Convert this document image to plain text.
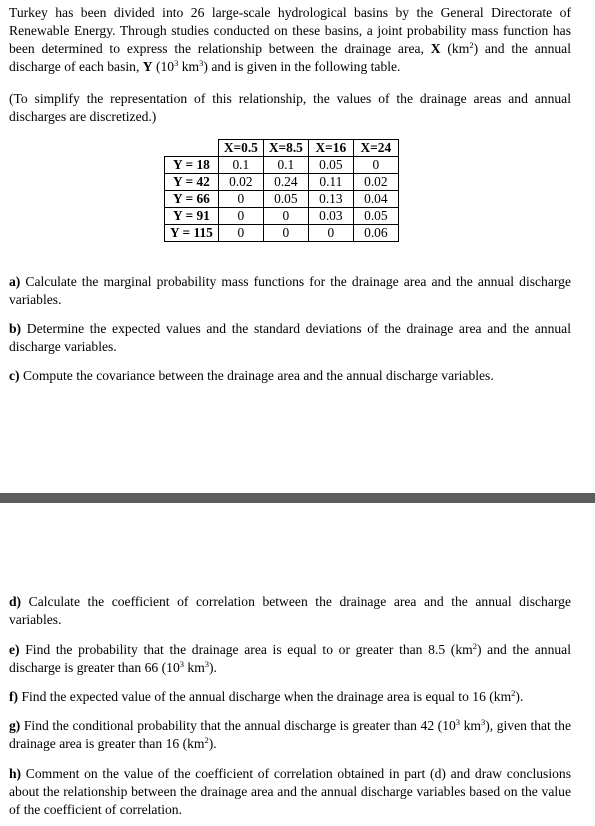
Turkey has been divided into 26 large-scale hydrological basins by the General Directorate of Renewable Energy. Through studies conducted on these basins, a joint probability mass function has been determined to express the relationship between the drainage area, X $(km^2)$ and the annual discharge of each basin, Y ($10^3$ $km^3$) and is given in the following table.

(To simplify the representation of this relationship, the values of the drainage areas and annual discharges are discretized.)

	X=0.5	X=8.5	X=16	X=24
Y = 18	0.1	0.1	0.05	0
Y = 42	0.02	0.24	0.11	0.02
Y = 66	0	0.05	0.13	0.04
Y = 91	0	0	0.03	0.05
Y = 115	0	0	0	0.06

a) Calculate the marginal probability mass functions for the drainage area and the annual discharge variables.

b) Determine the expected values and the standard deviations of the drainage area and the annual discharge variables.

c) Compute the covariance between the drainage area and the annual discharge variables.

d) Calculate the coefficient of correlation between the drainage area and the annual discharge variables.

e) Find the probability that the drainage area is equal to or greater than 8.5 $(km^2)$ and the annual discharge is greater than 66 ($10^3$ $km^3$).

f) Find the expected value of the annual discharge when the drainage area is equal to 16 $(km^2)$.

g) Find the conditional probability that the annual discharge is greater than 42 ($10^3$ $km^3$), given that the drainage area is greater than 16 $(km^2)$.

h) Comment on the value of the coefficient of correlation obtained in part (d) and draw conclusions about the relationship between the drainage area and the annual discharge variables based on the value of the coefficient of correlation.
